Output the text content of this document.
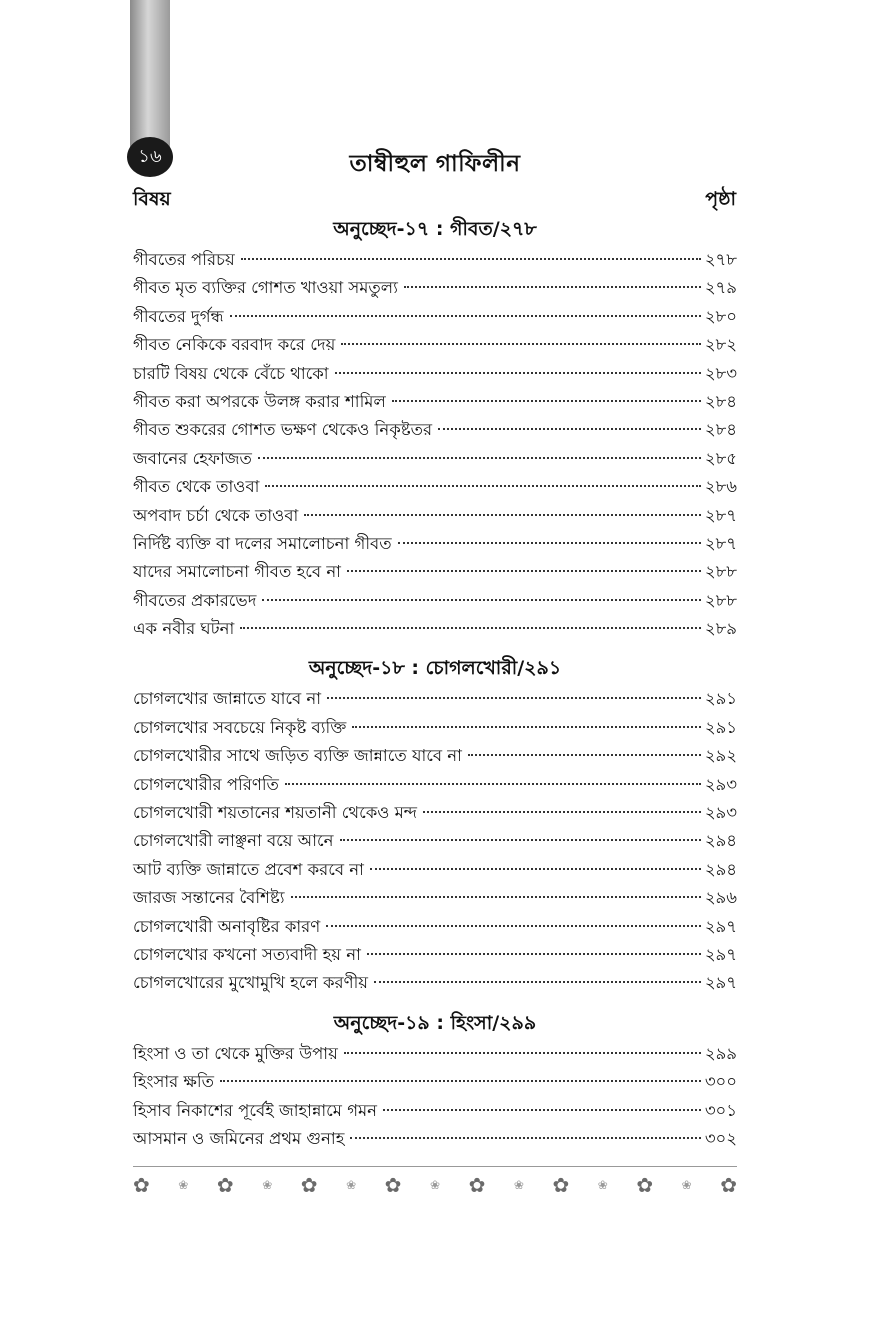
১৬	তাম্বীহুল গাফিলীন
বিষয়	পৃষ্ঠা
অনুচ্ছেদ-১৭ : গীবত/২৭৮
গীবতের পরিচয়	২৭৮
গীবত মৃত ব্যক্তির গোশত খাওয়া সমতুল্য	২৭৯
গীবতের দুর্গন্ধ	২৮০
গীবত নেকিকে বরবাদ করে দেয়	২৮২
চারটি বিষয় থেকে বেঁচে থাকো	২৮৩
গীবত করা অপরকে উলঙ্গ করার শামিল	২৮৪
গীবত শুকরের গোশত ভক্ষণ থেকেও নিকৃষ্টতর	২৮৪
জবানের হেফাজত	২৮৫
গীবত থেকে তাওবা	২৮৬
অপবাদ চর্চা থেকে তাওবা	২৮৭
নির্দিষ্ট ব্যক্তি বা দলের সমালোচনা গীবত	২৮৭
যাদের সমালোচনা গীবত হবে না	২৮৮
গীবতের প্রকারভেদ	২৮৮
এক নবীর ঘটনা	২৮৯
অনুচ্ছেদ-১৮ : চোগলখোরী/২৯১
চোগলখোর জান্নাতে যাবে না	২৯১
চোগলখোর সবচেয়ে নিকৃষ্ট ব্যক্তি	২৯১
চোগলখোরীর সাথে জড়িত ব্যক্তি জান্নাতে যাবে না	২৯২
চোগলখোরীর পরিণতি	২৯৩
চোগলখোরী শয়তানের শয়তানী থেকেও মন্দ	২৯৩
চোগলখোরী লাঞ্ছনা বয়ে আনে	২৯৪
আট ব্যক্তি জান্নাতে প্রবেশ করবে না	২৯৪
জারজ সন্তানের বৈশিষ্ট্য	২৯৬
চোগলখোরী অনাবৃষ্টির কারণ	২৯৭
চোগলখোর কখনো সত্যবাদী হয় না	২৯৭
চোগলখোরের মুখোমুখি হলে করণীয়	২৯৭
অনুচ্ছেদ-১৯ : হিংসা/২৯৯
হিংসা ও তা থেকে মুক্তির উপায়	২৯৯
হিংসার ক্ষতি	৩০০
হিসাব নিকাশের পূর্বেই জাহান্নামে গমন	৩০১
আসমান ও জমিনের প্রথম গুনাহ	৩০২
✿ ❀ ✿ ❀ ✿ ❀ ✿ ❀ ✿ ❀ ✿ ❀ ✿ ❀ ✿
